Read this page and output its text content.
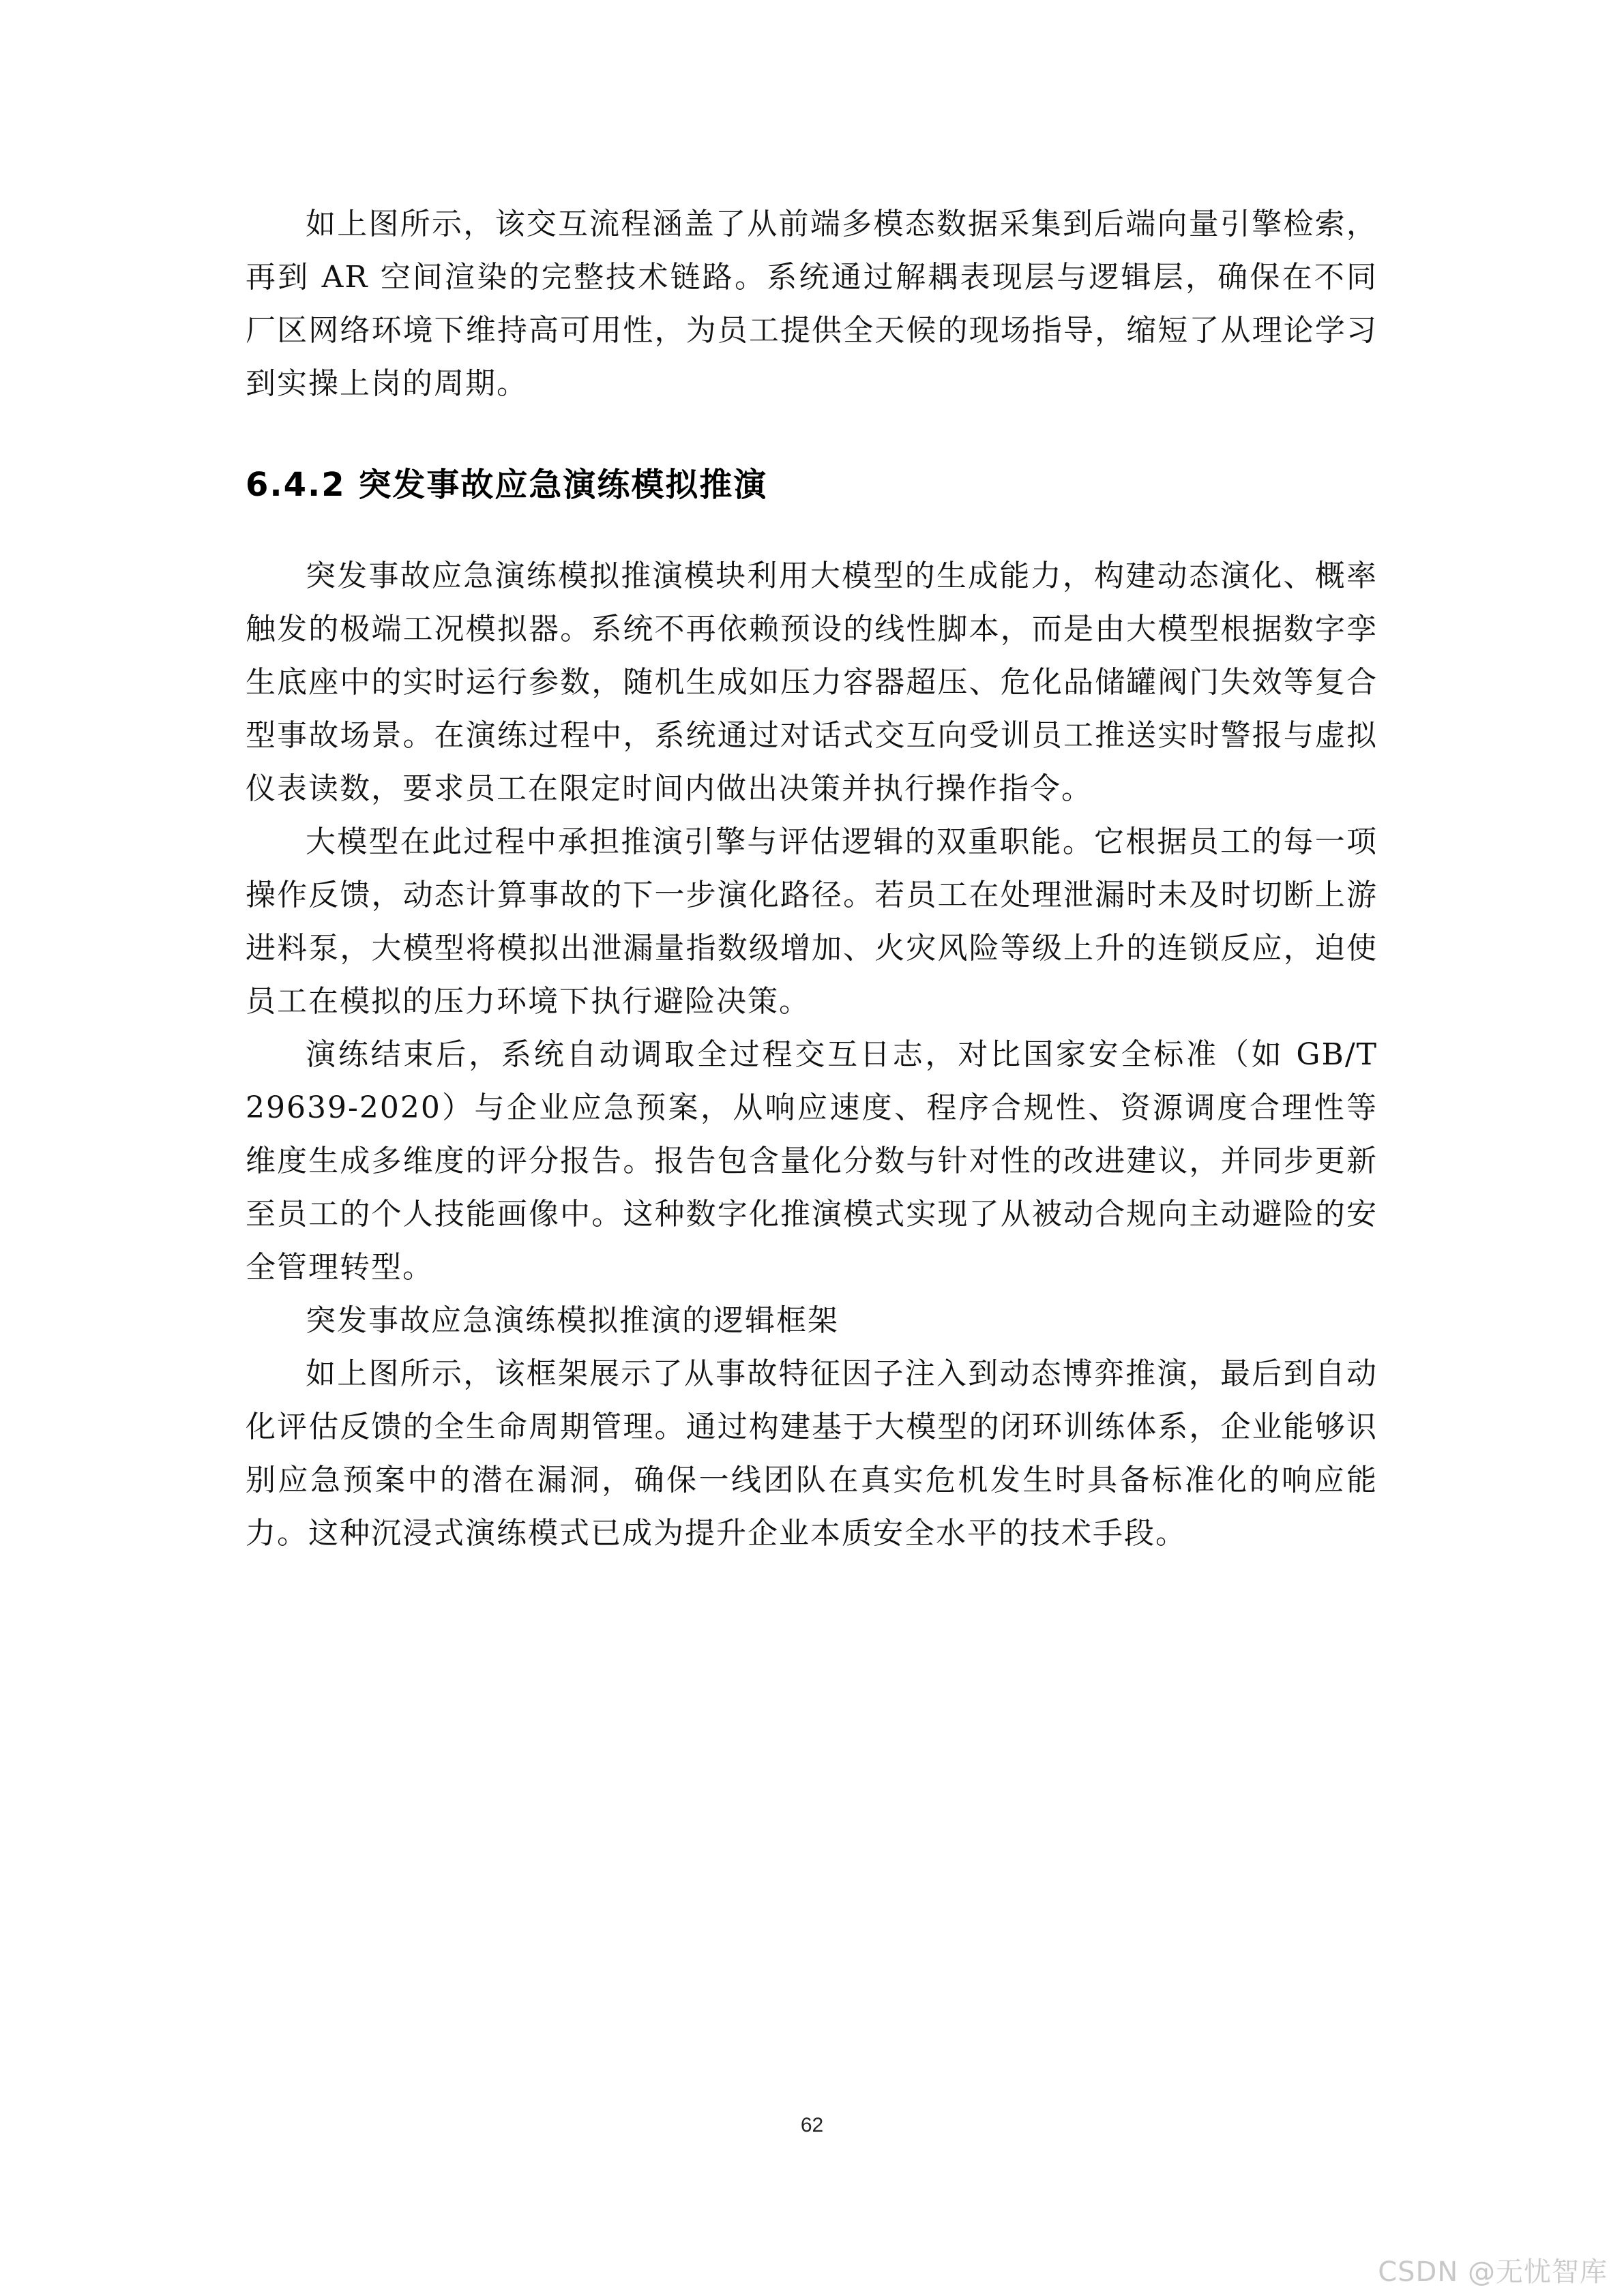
如上图所示，该交互流程涵盖了从前端多模态数据采集到后端向量引擎检索，再到 AR 空间渲染的完整技术链路。系统通过解耦表现层与逻辑层，确保在不同厂区网络环境下维持高可用性，为员工提供全天候的现场指导，缩短了从理论学习到实操上岗的周期。

6.4.2 突发事故应急演练模拟推演

突发事故应急演练模拟推演模块利用大模型的生成能力，构建动态演化、概率触发的极端工况模拟器。系统不再依赖预设的线性脚本，而是由大模型根据数字孪生底座中的实时运行参数，随机生成如压力容器超压、危化品储罐阀门失效等复合型事故场景。在演练过程中，系统通过对话式交互向受训员工推送实时警报与虚拟仪表读数，要求员工在限定时间内做出决策并执行操作指令。

大模型在此过程中承担推演引擎与评估逻辑的双重职能。它根据员工的每一项操作反馈，动态计算事故的下一步演化路径。若员工在处理泄漏时未及时切断上游进料泵，大模型将模拟出泄漏量指数级增加、火灾风险等级上升的连锁反应，迫使员工在模拟的压力环境下执行避险决策。

演练结束后，系统自动调取全过程交互日志，对比国家安全标准（如 GB/T 29639-2020）与企业应急预案，从响应速度、程序合规性、资源调度合理性等维度生成多维度的评分报告。报告包含量化分数与针对性的改进建议，并同步更新至员工的个人技能画像中。这种数字化推演模式实现了从被动合规向主动避险的安全管理转型。

突发事故应急演练模拟推演的逻辑框架

如上图所示，该框架展示了从事故特征因子注入到动态博弈推演，最后到自动化评估反馈的全生命周期管理。通过构建基于大模型的闭环训练体系，企业能够识别应急预案中的潜在漏洞，确保一线团队在真实危机发生时具备标准化的响应能力。这种沉浸式演练模式已成为提升企业本质安全水平的技术手段。

62
CSDN @无忧智库
